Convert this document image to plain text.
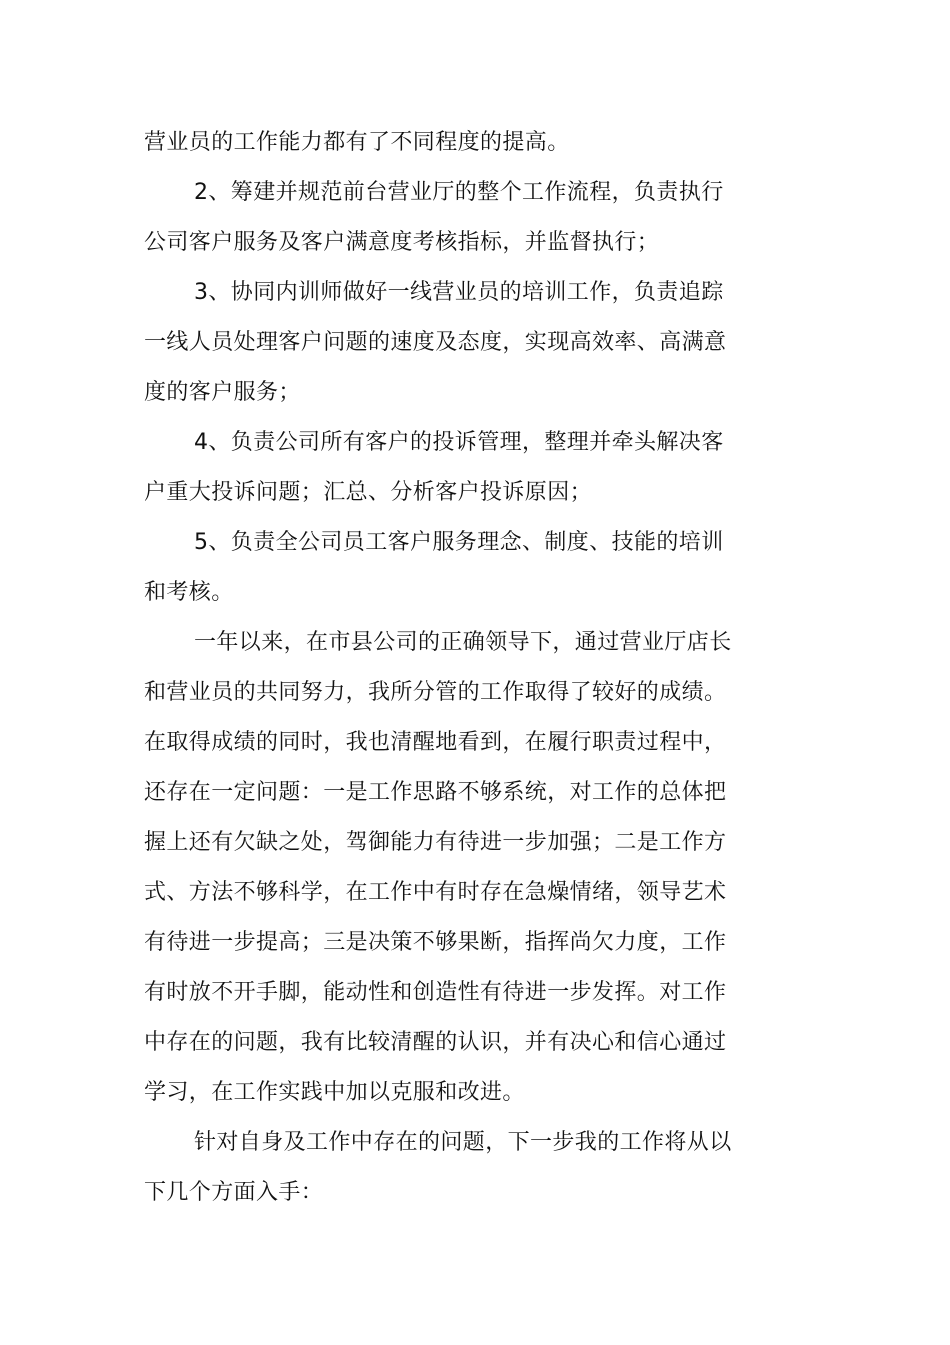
营业员的工作能力都有了不同程度的提高。
2、筹建并规范前台营业厅的整个工作流程，负责执行
公司客户服务及客户满意度考核指标，并监督执行；
3、协同内训师做好一线营业员的培训工作，负责追踪
一线人员处理客户问题的速度及态度，实现高效率、高满意
度的客户服务；
4、负责公司所有客户的投诉管理，整理并牵头解决客
户重大投诉问题；汇总、分析客户投诉原因；
5、负责全公司员工客户服务理念、制度、技能的培训
和考核。
一年以来，在市县公司的正确领导下，通过营业厅店长
和营业员的共同努力，我所分管的工作取得了较好的成绩。
在取得成绩的同时，我也清醒地看到，在履行职责过程中，
还存在一定问题：一是工作思路不够系统，对工作的总体把
握上还有欠缺之处，驾御能力有待进一步加强；二是工作方
式、方法不够科学，在工作中有时存在急燥情绪，领导艺术
有待进一步提高；三是决策不够果断，指挥尚欠力度，工作
有时放不开手脚，能动性和创造性有待进一步发挥。对工作
中存在的问题，我有比较清醒的认识，并有决心和信心通过
学习，在工作实践中加以克服和改进。
针对自身及工作中存在的问题，下一步我的工作将从以
下几个方面入手：
